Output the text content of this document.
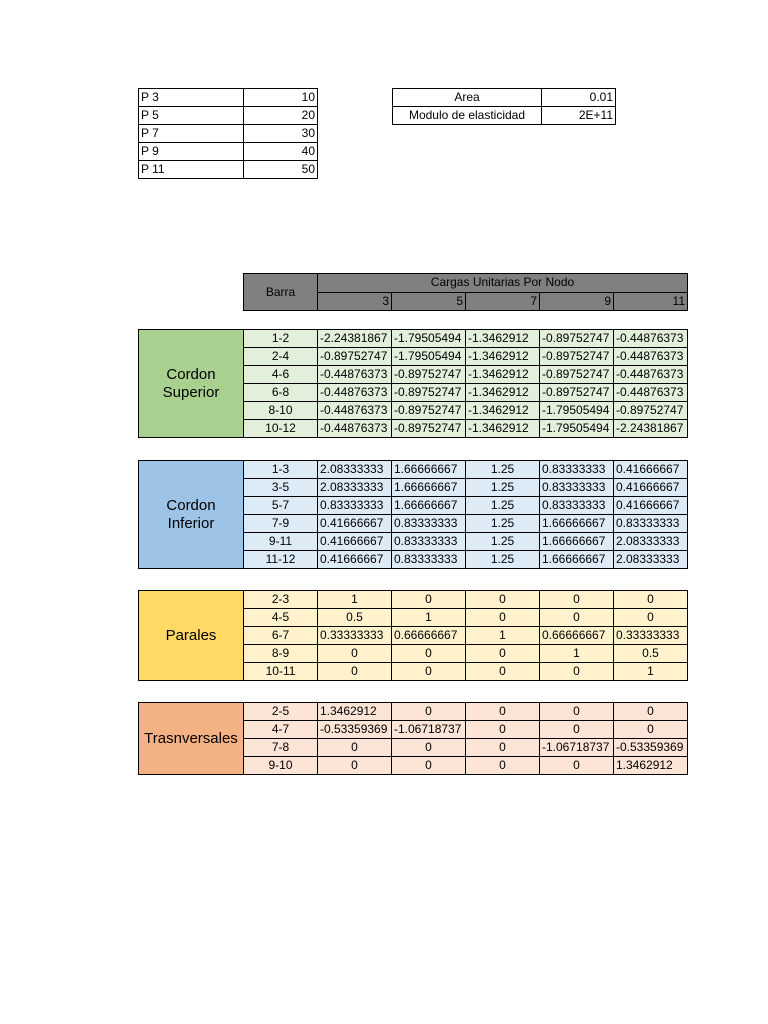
P 3	10
P 5	20
P 7	30
P 9	40
P 11	50
Area	0.01
Modulo de elasticidad	2E+11
Barra	Cargas Unitarias Por Nodo				
	3	5	7	9	11
Cordon Superior	1-2	-2.24381867	-1.79505494	-1.3462912	-0.89752747	-0.44876373
	2-4	-0.89752747	-1.79505494	-1.3462912	-0.89752747	-0.44876373
	4-6	-0.44876373	-0.89752747	-1.3462912	-0.89752747	-0.44876373
	6-8	-0.44876373	-0.89752747	-1.3462912	-0.89752747	-0.44876373
	8-10	-0.44876373	-0.89752747	-1.3462912	-1.79505494	-0.89752747
	10-12	-0.44876373	-0.89752747	-1.3462912	-1.79505494	-2.24381867
Cordon Inferior	1-3	2.08333333	1.66666667	1.25	0.83333333	0.41666667
	3-5	2.08333333	1.66666667	1.25	0.83333333	0.41666667
	5-7	0.83333333	1.66666667	1.25	0.83333333	0.41666667
	7-9	0.41666667	0.83333333	1.25	1.66666667	0.83333333
	9-11	0.41666667	0.83333333	1.25	1.66666667	2.08333333
	11-12	0.41666667	0.83333333	1.25	1.66666667	2.08333333
Parales	2-3	1	0	0	0	0
	4-5	0.5	1	0	0	0
	6-7	0.33333333	0.66666667	1	0.66666667	0.33333333
	8-9	0	0	0	1	0.5
	10-11	0	0	0	0	1
Trasnversales	2-5	1.3462912	0	0	0	0
	4-7	-0.53359369	-1.06718737	0	0	0
	7-8	0	0	0	-1.06718737	-0.53359369
	9-10	0	0	0	0	1.3462912
